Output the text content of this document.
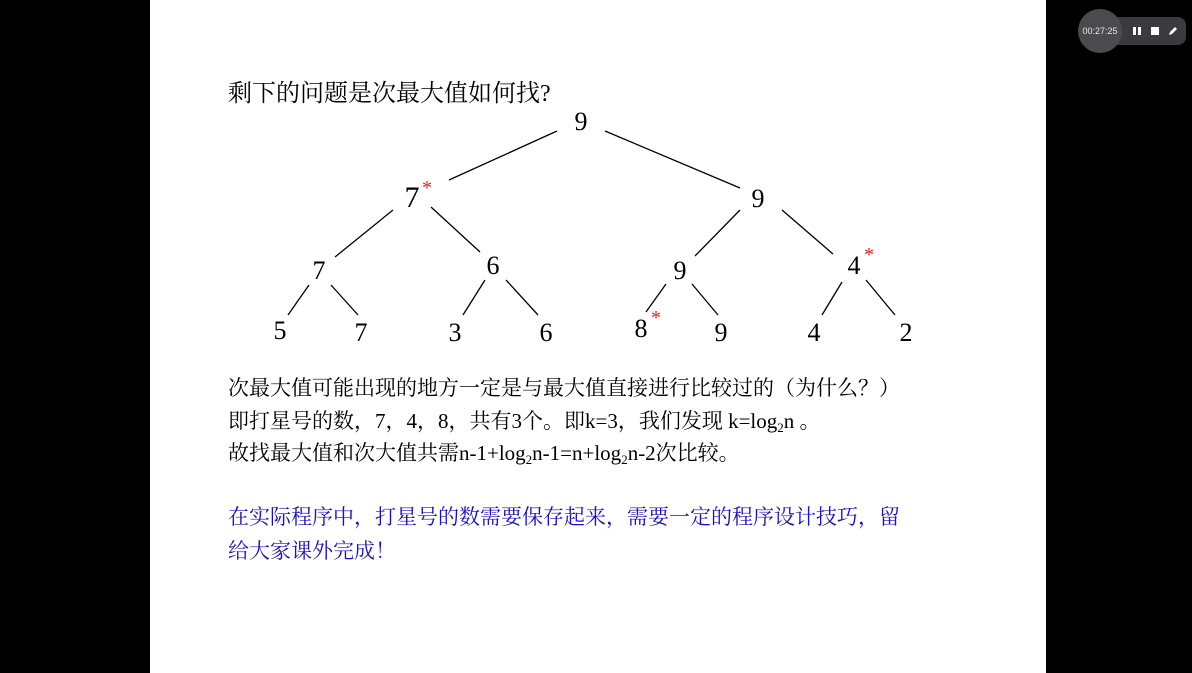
9
7 *	9
7	6	9	4 *
5	7	3	6	8 * 9	4	2
剩下的问题是次最大值如何找?
次最大值可能出现的地方一定是与最大值直接进行比较过的（为什么？）
即打星号的数，7，4，8，共有3个。即k=3，我们发现 $k=\log_2n$ 。
故找最大值和次大值共需$n-1+\log_2n-1=n+\log_2n-2$次比较。
在实际程序中，打星号的数需要保存起来，需要一定的程序设计技巧，留
给大家课外完成！
00:27:25
